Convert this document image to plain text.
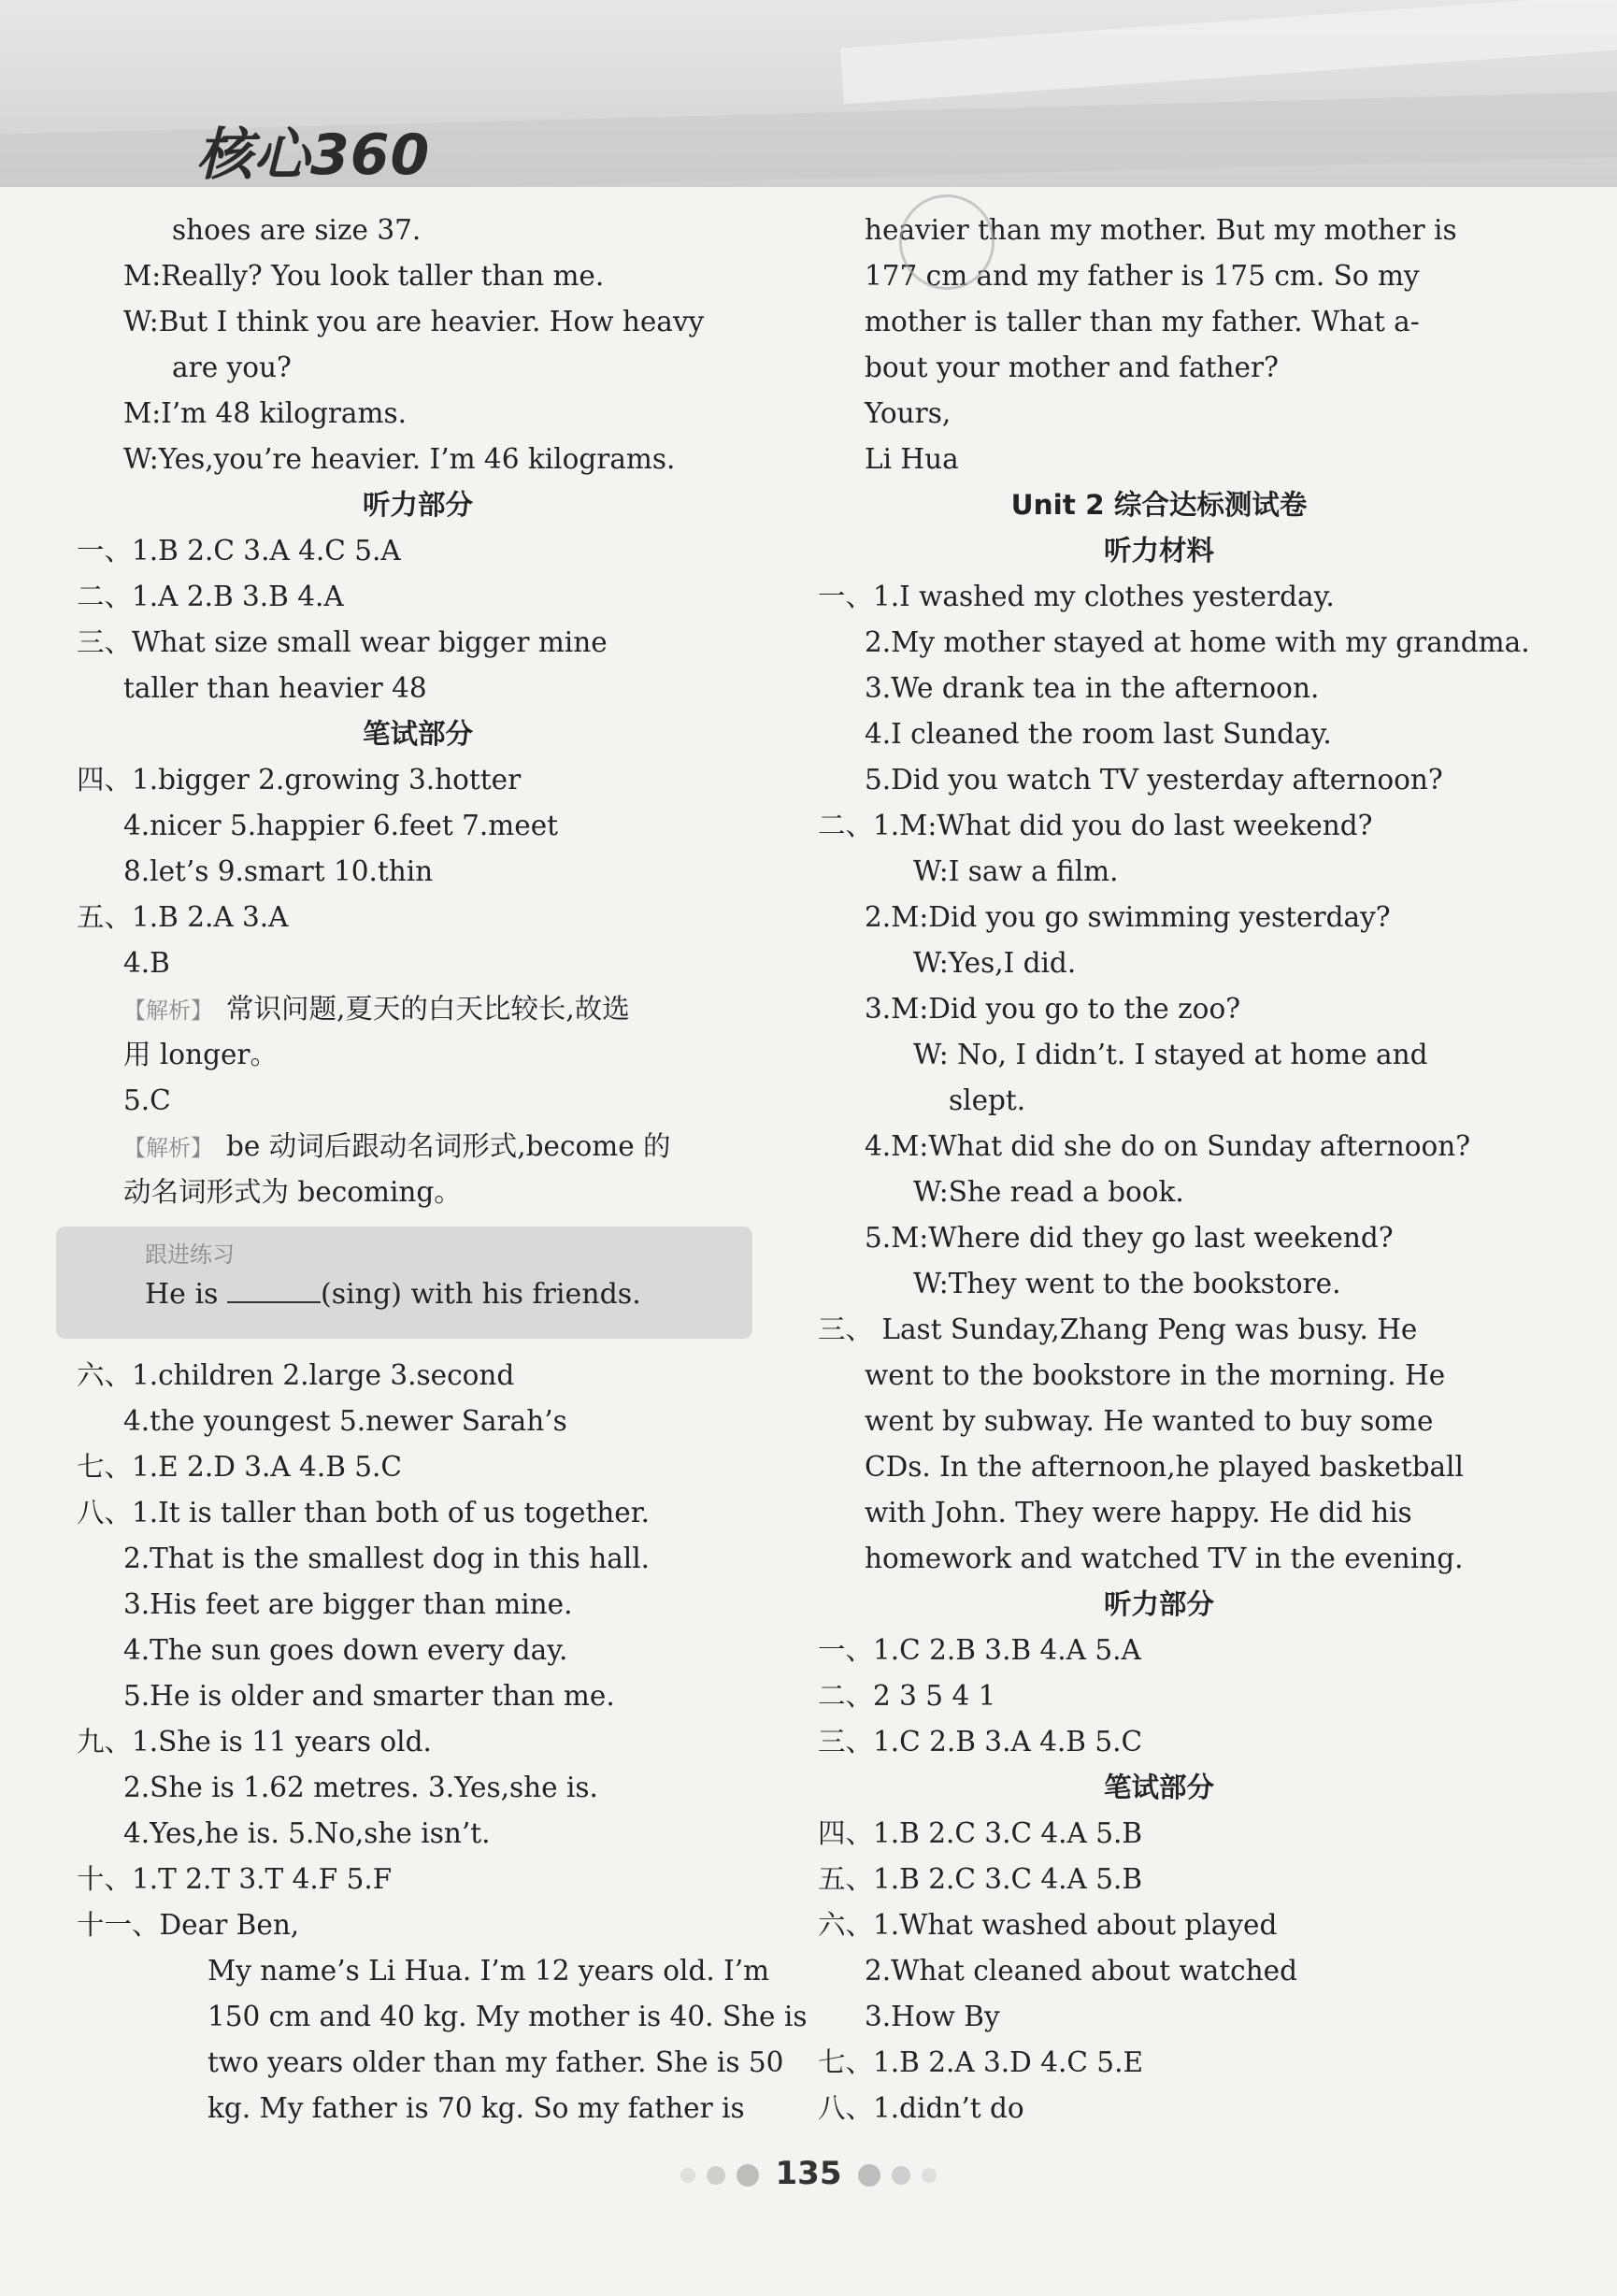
核心360
shoes are size 37.
M:Really? You look taller than me.
W:But I think you are heavier. How heavy
are you?
M:I’m 48 kilograms.
W:Yes,you’re heavier. I’m 46 kilograms.
听力部分
一、1.B 2.C 3.A 4.C 5.A
二、1.A 2.B 3.B 4.A
三、What size small wear bigger mine
taller than heavier 48
笔试部分
四、1.bigger 2.growing 3.hotter
4.nicer 5.happier 6.feet 7.meet
8.let’s 9.smart 10.thin
五、1.B 2.A 3.A
4.B
【解析】 常识问题,夏天的白天比较长,故选
用 longer。
5.C
【解析】 be 动词后跟动名词形式,become 的
动名词形式为 becoming。
六、1.children 2.large 3.second
4.the youngest 5.newer Sarah’s
七、1.E 2.D 3.A 4.B 5.C
八、1.It is taller than both of us together.
2.That is the smallest dog in this hall.
3.His feet are bigger than mine.
4.The sun goes down every day.
5.He is older and smarter than me.
九、1.She is 11 years old.
2.She is 1.62 metres. 3.Yes,she is.
4.Yes,he is. 5.No,she isn’t.
十、1.T 2.T 3.T 4.F 5.F
十一、Dear Ben,
My name’s Li Hua. I’m 12 years old. I’m
150 cm and 40 kg. My mother is 40. She is
two years older than my father. She is 50
kg. My father is 70 kg. So my father is
heavier than my mother. But my mother is
177 cm and my father is 175 cm. So my
mother is taller than my father. What a-
bout your mother and father?
Yours,
Li Hua
Unit 2 综合达标测试卷
听力材料
一、1.I washed my clothes yesterday.
2.My mother stayed at home with my grandma.
3.We drank tea in the afternoon.
4.I cleaned the room last Sunday.
5.Did you watch TV yesterday afternoon?
二、1.M:What did you do last weekend?
W:I saw a film.
2.M:Did you go swimming yesterday?
W:Yes,I did.
3.M:Did you go to the zoo?
W: No, I didn’t. I stayed at home and
slept.
4.M:What did she do on Sunday afternoon?
W:She read a book.
5.M:Where did they go last weekend?
W:They went to the bookstore.
三、 Last Sunday,Zhang Peng was busy. He
went to the bookstore in the morning. He
went by subway. He wanted to buy some
CDs. In the afternoon,he played basketball
with John. They were happy. He did his
homework and watched TV in the evening.
听力部分
一、1.C 2.B 3.B 4.A 5.A
二、2 3 5 4 1
三、1.C 2.B 3.A 4.B 5.C
笔试部分
四、1.B 2.C 3.C 4.A 5.B
五、1.B 2.C 3.C 4.A 5.B
六、1.What washed about played
2.What cleaned about watched
3.How By
七、1.B 2.A 3.D 4.C 5.E
八、1.didn’t do
跟进练习
He is	(sing) with his friends.
135
